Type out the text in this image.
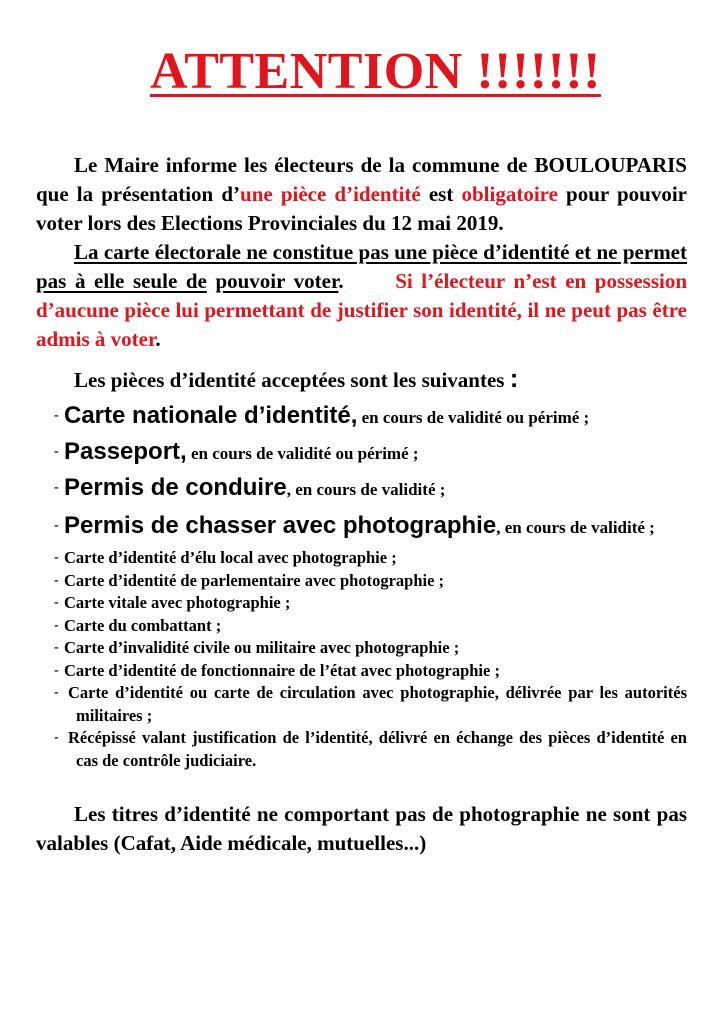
ATTENTION !!!!!!!

Le Maire informe les électeurs de la commune de BOULOUPARIS que la présentation d’une pièce d’identité est obligatoire pour pouvoir voter lors des Elections Provinciales du 12 mai 2019.

La carte électorale ne constitue pas une pièce d’identité et ne permet pas à elle seule de pouvoir voter. Si l’électeur n’est en possession d’aucune pièce lui permettant de justifier son identité, il ne peut pas être admis à voter.

Les pièces d’identité acceptées sont les suivantes :

- Carte nationale d’identité, en cours de validité ou périmé ;
- Passeport, en cours de validité ou périmé ;
- Permis de conduire, en cours de validité ;
- Permis de chasser avec photographie, en cours de validité ;
- Carte d’identité d’élu local avec photographie ;
- Carte d’identité de parlementaire avec photographie ;
- Carte vitale avec photographie ;
- Carte du combattant ;
- Carte d’invalidité civile ou militaire avec photographie ;
- Carte d’identité de fonctionnaire de l’état avec photographie ;
- Carte d’identité ou carte de circulation avec photographie, délivrée par les autorités militaires ;
- Récépissé valant justification de l’identité, délivré en échange des pièces d’identité en cas de contrôle judiciaire.

Les titres d’identité ne comportant pas de photographie ne sont pas valables (Cafat, Aide médicale, mutuelles...)
